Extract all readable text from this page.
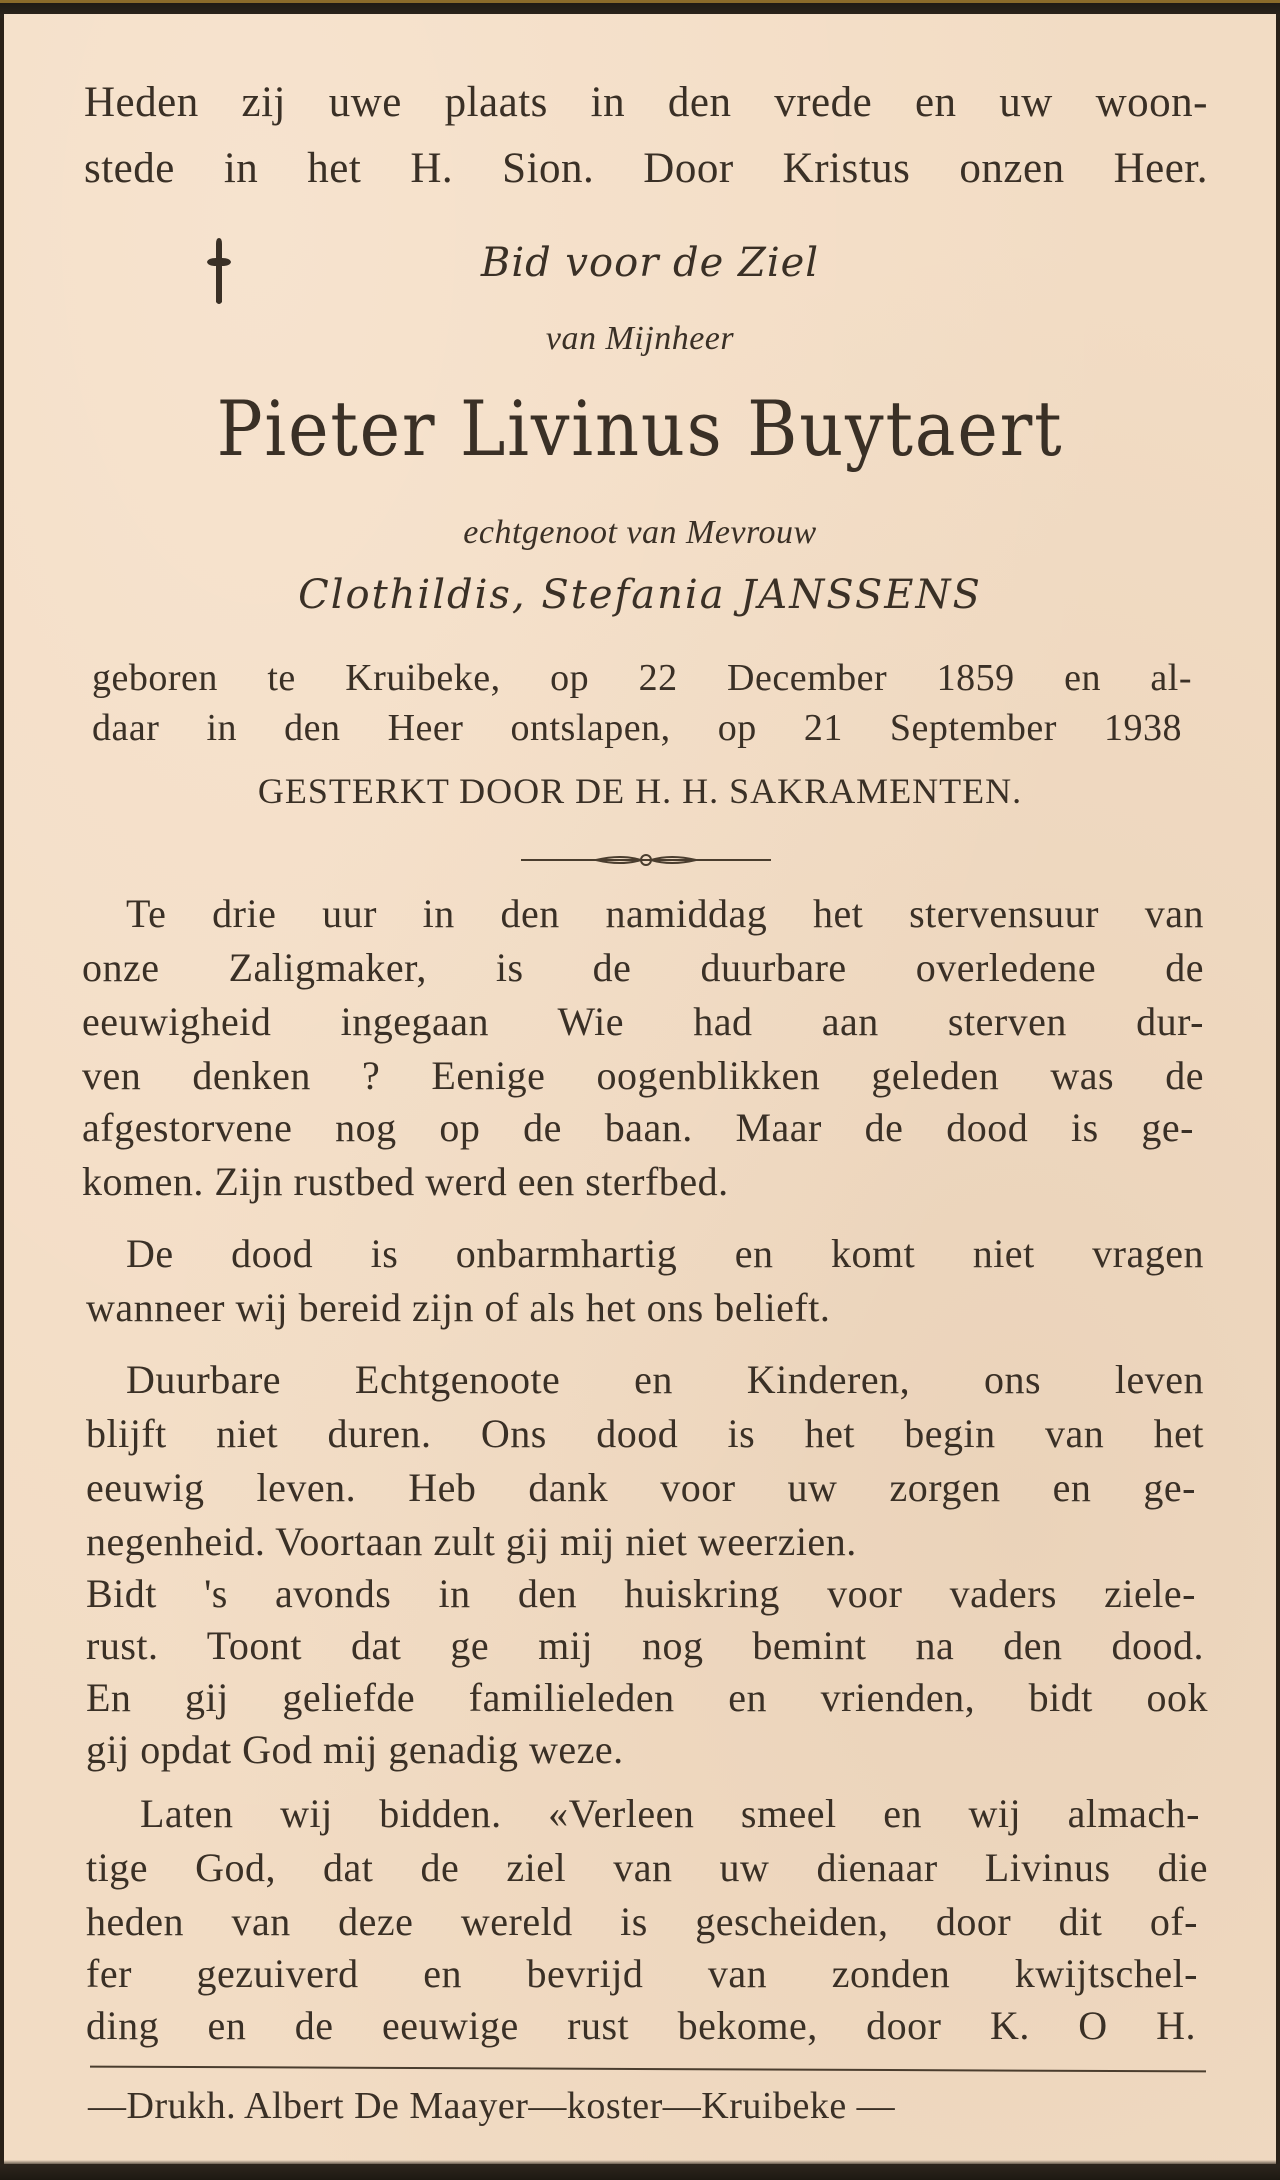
Heden zij uwe plaats in den vrede en uw woon-
stede in het H. Sion. Door Kristus onzen Heer.
Bid voor de Ziel
van Mijnheer
Pieter Livinus Buytaert
echtgenoot van Mevrouw
Clothildis, Stefania JANSSENS
geboren te Kruibeke, op 22 December 1859 en al-
daar in den Heer ontslapen, op 21 September 1938
GESTERKT DOOR DE H. H. SAKRAMENTEN.
Te drie uur in den namiddag het stervensuur van
onze Zaligmaker, is de duurbare overledene de
eeuwigheid ingegaan Wie had aan sterven dur-
ven denken ? Eenige oogenblikken geleden was de
afgestorvene nog op de baan. Maar de dood is ge-
komen. Zijn rustbed werd een sterfbed.
De dood is onbarmhartig en komt niet vragen
wanneer wij bereid zijn of als het ons belieft.
Duurbare Echtgenoote en Kinderen, ons leven
blijft niet duren. Ons dood is het begin van het
eeuwig leven. Heb dank voor uw zorgen en ge-
negenheid. Voortaan zult gij mij niet weerzien.
Bidt 's avonds in den huiskring voor vaders ziele-
rust. Toont dat ge mij nog bemint na den dood.
En gij geliefde familieleden en vrienden, bidt ook
gij opdat God mij genadig weze.
Laten wij bidden. «Verleen smeel en wij almach-
tige God, dat de ziel van uw dienaar Livinus die
heden van deze wereld is gescheiden, door dit of-
fer gezuiverd en bevrijd van zonden kwijtschel-
ding en de eeuwige rust bekome, door K. O H.
—Drukh. Albert De Maayer—koster—Kruibeke —
